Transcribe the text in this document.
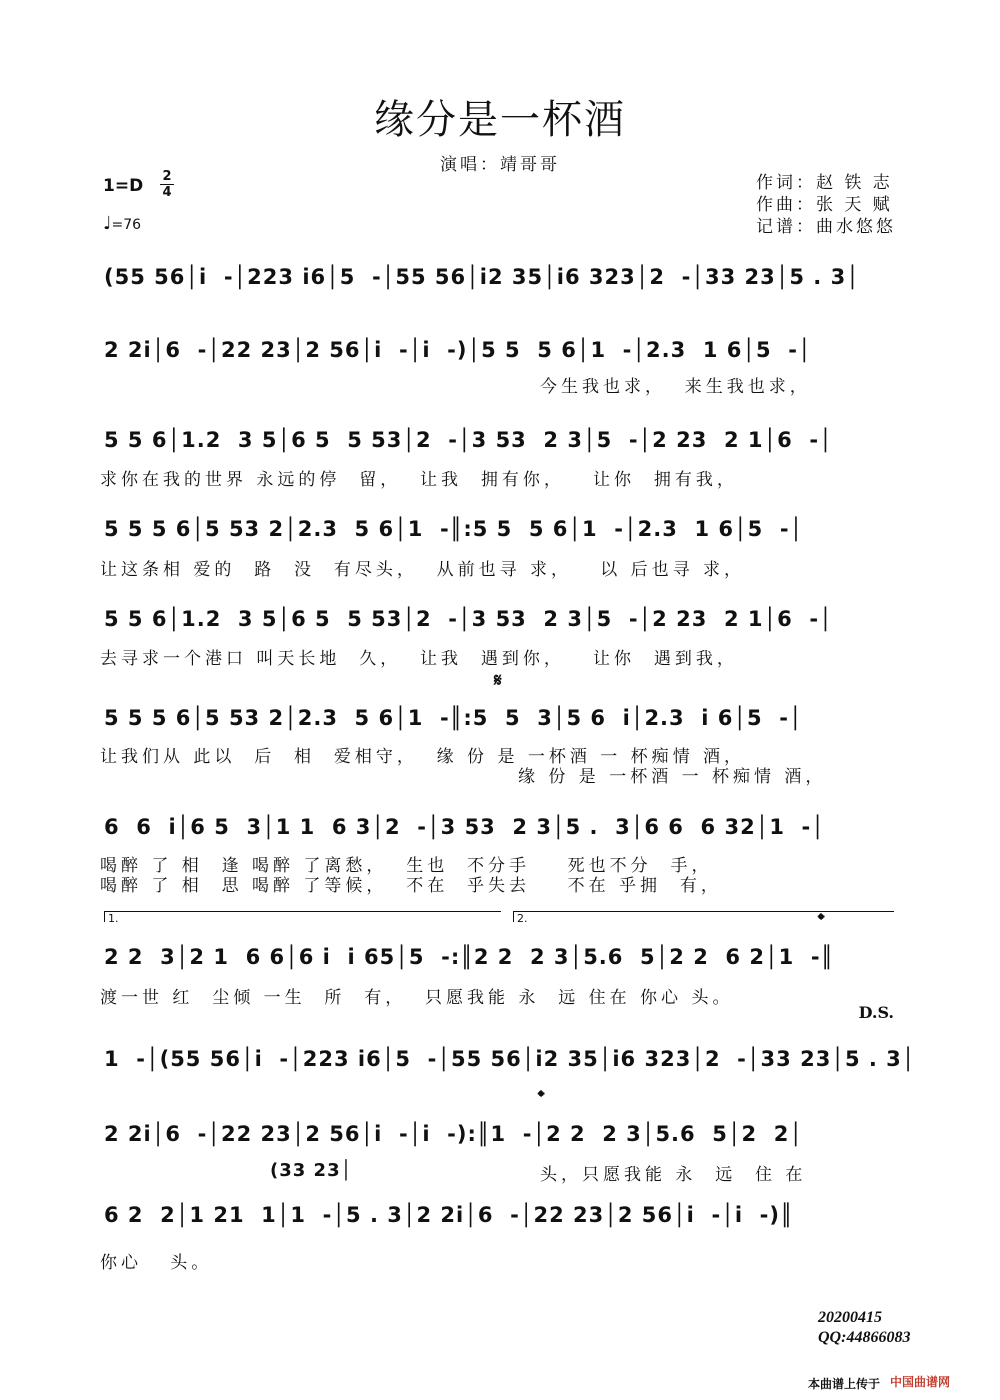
缘分是一杯酒
演唱：靖哥哥
作词：赵 铁 志
作曲：张 天 赋
记谱：曲水悠悠
1=D 2
4
♩=76
(55 56│i  -│223 i6│5  -│55 56│i2 35│i6 323│2  -│33 23│5 . 3│
2 2i│6  -│22 23│2 56│i  -│i  -)│5 5  5 6│1  -│2.3  1 6│5  -│
5 5 6│1.2  3 5│6 5  5 53│2  -│3 53  2 3│5  -│2 23  2 1│6  -│
5 5 5 6│5 53 2│2.3  5 6│1  -║:5 5  5 6│1  -│2.3  1 6│5  -│
5 5 6│1.2  3 5│6 5  5 53│2  -│3 53  2 3│5  -│2 23  2 1│6  -│
5 5 5 6│5 53 2│2.3  5 6│1  -║:5  5  3│5 6  i│2.3  i 6│5  -│
6  6  i│6 5  3│1 1  6 3│2  -│3 53  2 3│5 .  3│6 6  6 32│1  -│
2 2  3│2 1  6 6│6 i  i 65│5  -:║2 2  2 3│5.6  5│2 2  6 2│1  -║
1  -│(55 56│i  -│223 i6│5  -│55 56│i2 35│i6 323│2  -│33 23│5 . 3│
2 2i│6  -│22 23│2 56│i  -│i  -):║1  -│2 2  2 3│5.6  5│2  2│
6 2  2│1 21  1│1  -│5 . 3│2 2i│6  -│22 23│2 56│i  -│i  -)║
今生我也求，  来生我也求，
求你在我的世界 永远的停  留，  让我  拥有你，   让你  拥有我，
让这条相 爱的  路  没  有尽头，  从前也寻 求，   以 后也寻 求，
去寻求一个港口 叫天长地  久，  让我  遇到你，   让你  遇到我，
让我们从 此以  后  相  爱相守，  缘 份 是 一杯酒 一 杯痴情 酒，
缘 份 是 一杯酒 一 杯痴情 酒，
喝醉 了 相  逢 喝醉 了离愁，  生也  不分手    死也不分  手，
喝醉 了 相  思 喝醉 了等候，  不在  乎失去    不在 乎拥  有，
渡一世 红  尘倾 一生  所  有，  只愿我能 永  远 住在 你心 头。
(33 23│	头，只愿我能 永  远  住 在
你心   头。
1.	2.
𝄋
𝄌
𝄌
D.S.
20200415
QQ:44866083
本曲谱上传于 中国曲谱网
